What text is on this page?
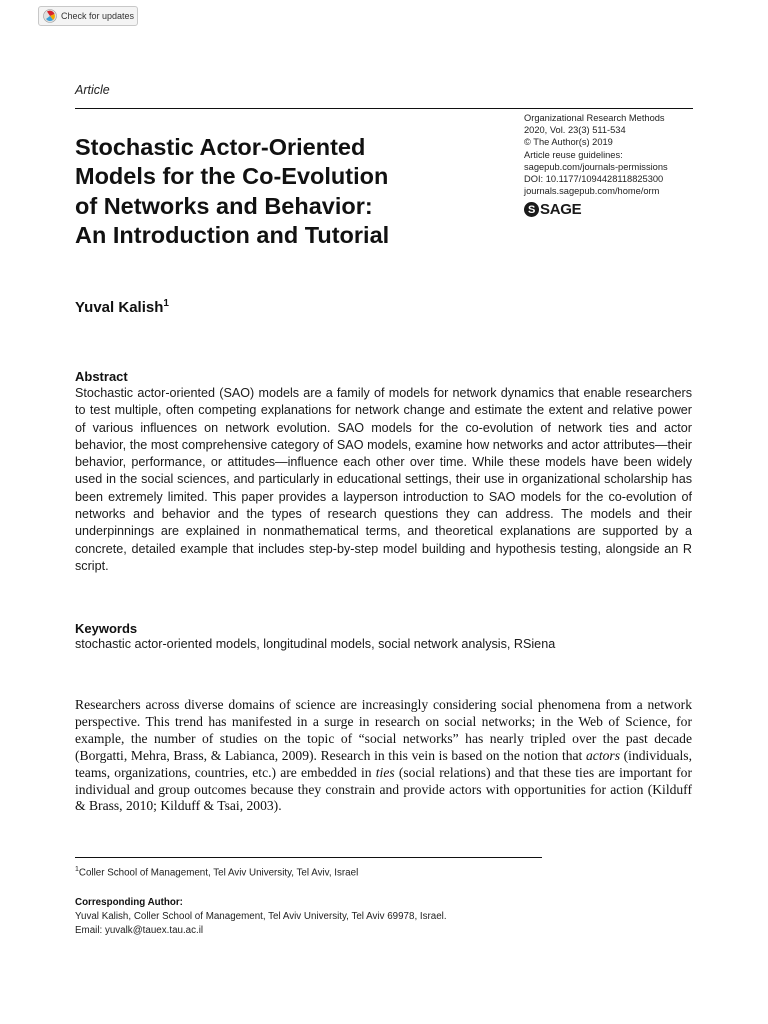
Check for updates
Article
Organizational Research Methods
2020, Vol. 23(3) 511-534
© The Author(s) 2019
Article reuse guidelines:
sagepub.com/journals-permissions
DOI: 10.1177/1094428118825300
journals.sagepub.com/home/orm
S SAGE
Stochastic Actor-Oriented
Models for the Co-Evolution
of Networks and Behavior:
An Introduction and Tutorial
Yuval Kalish$^1$
Abstract
Stochastic actor-oriented (SAO) models are a family of models for network dynamics that enable researchers to test multiple, often competing explanations for network change and estimate the extent and relative power of various influences on network evolution. SAO models for the co-evolution of network ties and actor behavior, the most comprehensive category of SAO models, examine how networks and actor attributes—their behavior, performance, or attitudes—influence each other over time. While these models have been widely used in the social sciences, and particularly in educational settings, their use in organizational scholarship has been extremely limited. This paper provides a layperson introduction to SAO models for the co-evolution of networks and behavior and the types of research questions they can address. The models and their underpinnings are explained in nonmathematical terms, and theoretical explanations are supported by a concrete, detailed example that includes step-by-step model building and hypothesis testing, alongside an R script.
Keywords
stochastic actor-oriented models, longitudinal models, social network analysis, RSiena
Researchers across diverse domains of science are increasingly considering social phenomena from a network perspective. This trend has manifested in a surge in research on social networks; in the Web of Science, for example, the number of studies on the topic of “social networks” has nearly tripled over the past decade (Borgatti, Mehra, Brass, & Labianca, 2009). Research in this vein is based on the notion that actors (individuals, teams, organizations, countries, etc.) are embedded in ties (social relations) and that these ties are important for individual and group outcomes because they constrain and provide actors with opportunities for action (Kilduff & Brass, 2010; Kilduff & Tsai, 2003).
$^1$Coller School of Management, Tel Aviv University, Tel Aviv, Israel
Corresponding Author:
Yuval Kalish, Coller School of Management, Tel Aviv University, Tel Aviv 69978, Israel.
Email: yuvalk@tauex.tau.ac.il
